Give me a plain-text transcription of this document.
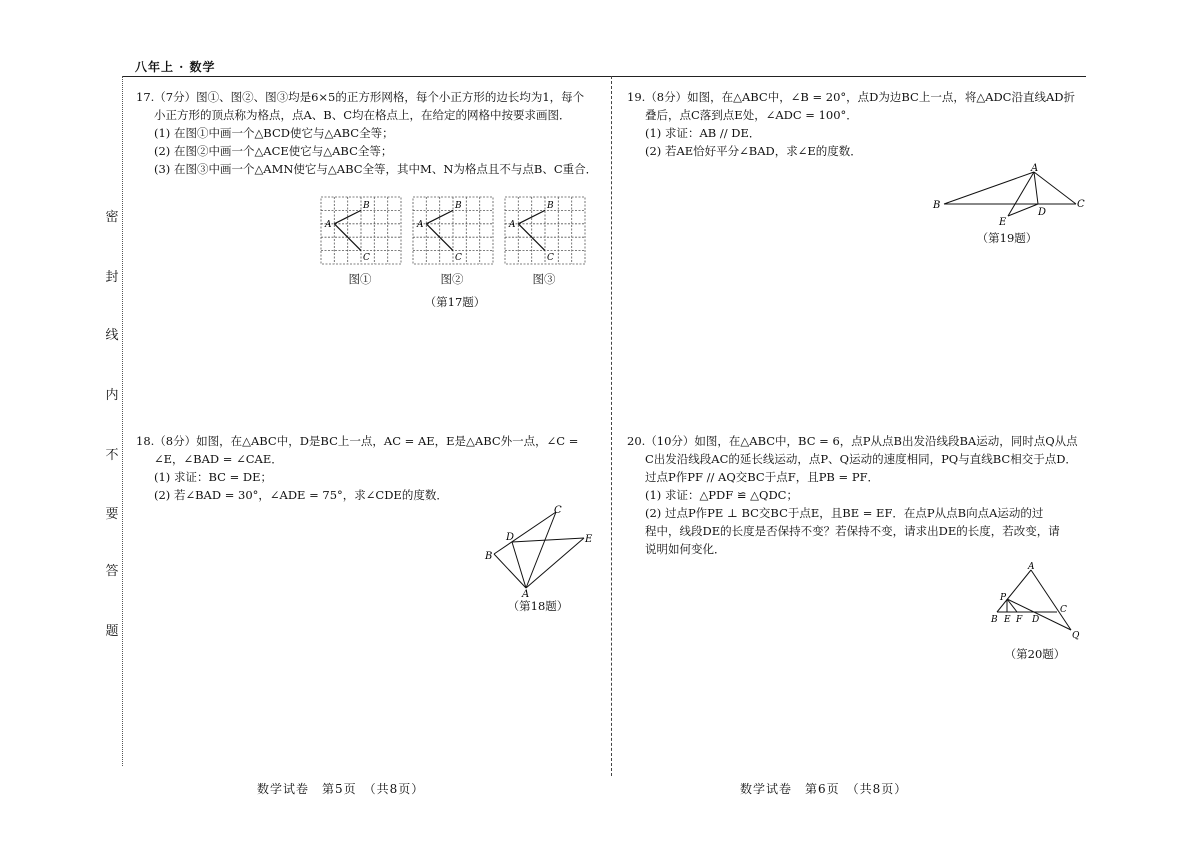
八年上 · 数学
密
封
线
内
不
要
答
题

17.（7分）图①、图②、图③均是6×5的正方形网格，每个小正方形的边长均为1，每个

小正方形的顶点称为格点，点A、B、C均在格点上，在给定的网格中按要求画图．

(1) 在图①中画一个△BCD使它与△ABC全等；

(2) 在图②中画一个△ACE使它与△ABC全等；

(3) 在图③中画一个△AMN使它与△ABC全等，其中M、N为格点且不与点B、C重合．

A
B
C
A
B
C
A
B
C
图①	图②	图③
（第17题）

18.（8分）如图，在△ABC中，D是BC上一点，AC = AE，E是△ABC外一点，∠C =

∠E，∠BAD = ∠CAE．

(1) 求证：BC = DE；

(2) 若∠BAD = 30°，∠ADE = 75°，求∠CDE的度数．

B
D
C
E
A
（第18题）

19.（8分）如图，在△ABC中，∠B = 20°，点D为边BC上一点，将△ADC沿直线AD折

叠后，点C落到点E处，∠ADC = 100°．

(1) 求证：AB // DE．

(2) 若AE恰好平分∠BAD，求∠E的度数．

B
A
C
D
E
（第19题）

20.（10分）如图，在△ABC中，BC = 6，点P从点B出发沿线段BA运动，同时点Q从点

C出发沿线段AC的延长线运动，点P、Q运动的速度相同，PQ与直线BC相交于点D．

过点P作PF // AQ交BC于点F，且PB = PF．

(1) 求证：△PDF ≌ △QDC；

(2) 过点P作PE ⊥ BC交BC于点E，且BE = EF．在点P从点B向点A运动的过

程中，线段DE的长度是否保持不变？若保持不变，请求出DE的长度，若改变，请

说明如何变化．

A
P
B E F D
C
Q
（第20题）
数学试卷　第5页　（共8页）	数学试卷　第6页　（共8页）
